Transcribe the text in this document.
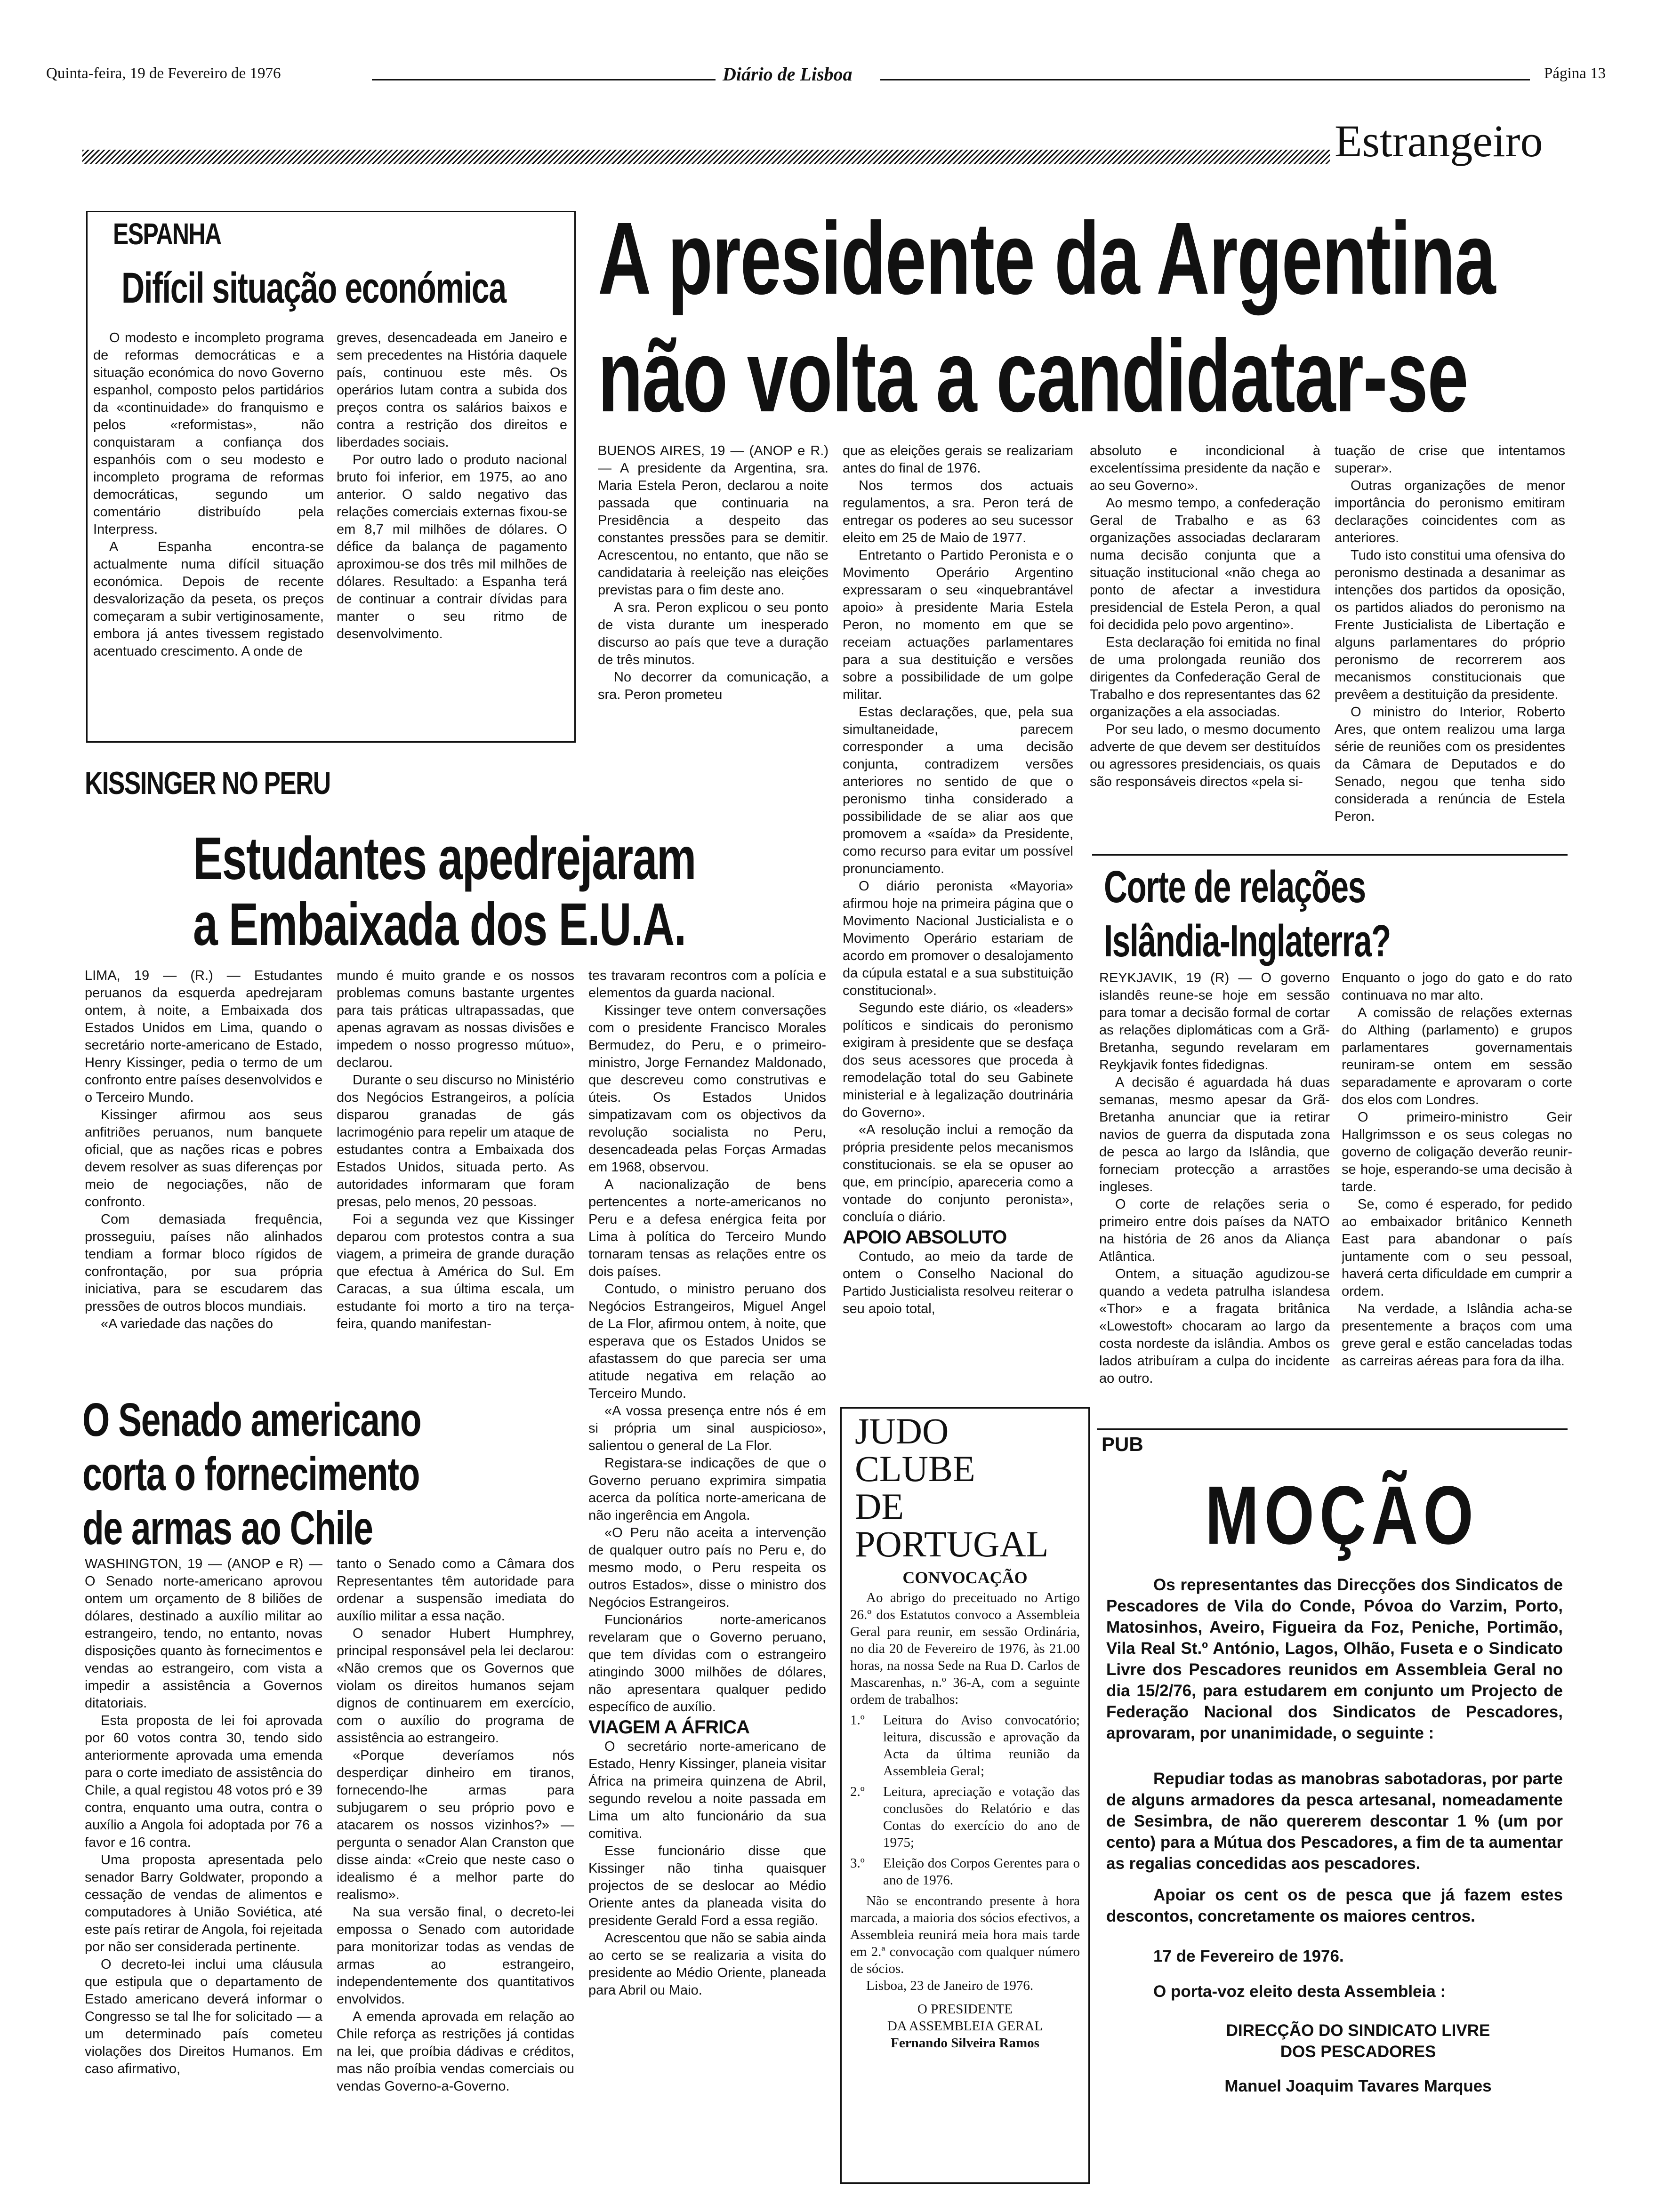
Quinta-feira, 19 de Fevereiro de 1976	Diário de Lisboa	Página 13
Estrangeiro
ESPANHA
Difícil situação económica

O modesto e incompleto programa de reformas democráticas e a situação económica do novo Governo espanhol, composto pelos partidários da «continuidade» do franquismo e pelos «reformistas», não conquistaram a confiança dos espanhóis com o seu modesto e incompleto programa de reformas democráticas, segundo um comentário distribuído pela Interpress.

A Espanha encontra-se actualmente numa difícil situação económica. Depois de recente desvalorização da peseta, os preços começaram a subir vertiginosamente, embora já antes tivessem registado acentuado crescimento. A onde de

greves, desencadeada em Janeiro e sem precedentes na História daquele país, continuou este mês. Os operários lutam contra a subida dos preços contra os salários baixos e contra a restrição dos direitos e liberdades sociais.

Por outro lado o produto nacional bruto foi inferior, em 1975, ao ano anterior. O saldo negativo das relações comerciais externas fixou-se em 8,7 mil milhões de dólares. O défice da balança de pagamento aproximou-se dos três mil milhões de dólares. Resultado: a Espanha terá de continuar a contrair dívidas para manter o seu ritmo de desenvolvimento.

A presidente da Argentina
não volta a candidatar-se

BUENOS AIRES, 19 — (ANOP e R.) — A presidente da Argentina, sra. Maria Estela Peron, declarou a noite passada que continuaria na Presidência a despeito das constantes pressões para se demitir. Acrescentou, no entanto, que não se candidataria à reeleição nas eleições previstas para o fim deste ano.

A sra. Peron explicou o seu ponto de vista durante um inesperado discurso ao país que teve a duração de três minutos.

No decorrer da comunicação, a sra. Peron prometeu

que as eleições gerais se realizariam antes do final de 1976.

Nos termos dos actuais regulamentos, a sra. Peron terá de entregar os poderes ao seu sucessor eleito em 25 de Maio de 1977.

Entretanto o Partido Peronista e o Movimento Operário Argentino expressaram o seu «inquebrantável apoio» à presidente Maria Estela Peron, no momento em que se receiam actuações parlamentares para a sua destituição e versões sobre a possibilidade de um golpe militar.

Estas declarações, que, pela sua simultaneidade, parecem corresponder a uma decisão conjunta, contradizem versões anteriores no sentido de que o peronismo tinha considerado a possibilidade de se aliar aos que promovem a «saída» da Presidente, como recurso para evitar um possível pronunciamento.

O diário peronista «Mayoria» afirmou hoje na primeira página que o Movimento Nacional Justicialista e o Movimento Operário estariam de acordo em promover o desalojamento da cúpula estatal e a sua substituição constitucional».

Segundo este diário, os «leaders» políticos e sindicais do peronismo exigiram à presidente que se desfaça dos seus acessores que proceda à remodelação total do seu Gabinete ministerial e à legalização doutrinária do Governo».

«A resolução inclui a remoção da própria presidente pelos mecanismos constitucionais. se ela se opuser ao que, em princípio, apareceria como a vontade do conjunto peronista», concluía o diário.

APOIO ABSOLUTO

Contudo, ao meio da tarde de ontem o Conselho Nacional do Partido Justicialista resolveu reiterar o seu apoio total,

absoluto e incondicional à excelentíssima presidente da nação e ao seu Governo».

Ao mesmo tempo, a confederação Geral de Trabalho e as 63 organizações associadas declararam numa decisão conjunta que a situação institucional «não chega ao ponto de afectar a investidura presidencial de Estela Peron, a qual foi decidida pelo povo argentino».

Esta declaração foi emitida no final de uma prolongada reunião dos dirigentes da Confederação Geral de Trabalho e dos representantes das 62 organizações a ela associadas.

Por seu lado, o mesmo documento adverte de que devem ser destituídos ou agressores presidenciais, os quais são responsáveis directos «pela si-

tuação de crise que intentamos superar».

Outras organizações de menor importância do peronismo emitiram declarações coincidentes com as anteriores.

Tudo isto constitui uma ofensiva do peronismo destinada a desanimar as intenções dos partidos da oposição, os partidos aliados do peronismo na Frente Justicialista de Libertação e alguns parlamentares do próprio peronismo de recorrerem aos mecanismos constitucionais que prevêem a destituição da presidente.

O ministro do Interior, Roberto Ares, que ontem realizou uma larga série de reuniões com os presidentes da Câmara de Deputados e do Senado, negou que tenha sido considerada a renúncia de Estela Peron.

KISSINGER NO PERU
Estudantes apedrejaram
a Embaixada dos E.U.A.

LIMA, 19 — (R.) — Estudantes peruanos da esquerda apedrejaram ontem, à noite, a Embaixada dos Estados Unidos em Lima, quando o secretário norte-americano de Estado, Henry Kissinger, pedia o termo de um confronto entre países desenvolvidos e o Terceiro Mundo.

Kissinger afirmou aos seus anfitriões peruanos, num banquete oficial, que as nações ricas e pobres devem resolver as suas diferenças por meio de negociações, não de confronto.

Com demasiada frequência, prosseguiu, países não alinhados tendiam a formar bloco rígidos de confrontação, por sua própria iniciativa, para se escudarem das pressões de outros blocos mundiais.

«A variedade das nações do

mundo é muito grande e os nossos problemas comuns bastante urgentes para tais práticas ultrapassadas, que apenas agravam as nossas divisões e impedem o nosso progresso mútuo», declarou.

Durante o seu discurso no Ministério dos Negócios Estrangeiros, a polícia disparou granadas de gás lacrimogénio para repelir um ataque de estudantes contra a Embaixada dos Estados Unidos, situada perto. As autoridades informaram que foram presas, pelo menos, 20 pessoas.

Foi a segunda vez que Kissinger deparou com protestos contra a sua viagem, a primeira de grande duração que efectua à América do Sul. Em Caracas, a sua última escala, um estudante foi morto a tiro na terça-feira, quando manifestan-

tes travaram recontros com a polícia e elementos da guarda nacional.

Kissinger teve ontem conversações com o presidente Francisco Morales Bermudez, do Peru, e o primeiro-ministro, Jorge Fernandez Maldonado, que descreveu como construtivas e úteis. Os Estados Unidos simpatizavam com os objectivos da revolução socialista no Peru, desencadeada pelas Forças Armadas em 1968, observou.

A nacionalização de bens pertencentes a norte-americanos no Peru e a defesa enérgica feita por Lima à política do Terceiro Mundo tornaram tensas as relações entre os dois países.

Contudo, o ministro peruano dos Negócios Estrangeiros, Miguel Angel de La Flor, afirmou ontem, à noite, que esperava que os Estados Unidos se afastassem do que parecia ser uma atitude negativa em relação ao Terceiro Mundo.

«A vossa presença entre nós é em si própria um sinal auspicioso», salientou o general de La Flor.

Registara-se indicações de que o Governo peruano exprimira simpatia acerca da política norte-americana de não ingerência em Angola.

«O Peru não aceita a intervenção de qualquer outro país no Peru e, do mesmo modo, o Peru respeita os outros Estados», disse o ministro dos Negócios Estrangeiros.

Funcionários norte-americanos revelaram que o Governo peruano, que tem dívidas com o estrangeiro atingindo 3000 milhões de dólares, não apresentara qualquer pedido específico de auxílio.

VIAGEM A ÁFRICA

O secretário norte-americano de Estado, Henry Kissinger, planeia visitar África na primeira quinzena de Abril, segundo revelou a noite passada em Lima um alto funcionário da sua comitiva.

Esse funcionário disse que Kissinger não tinha quaisquer projectos de se deslocar ao Médio Oriente antes da planeada visita do presidente Gerald Ford a essa região.

Acrescentou que não se sabia ainda ao certo se se realizaria a visita do presidente ao Médio Oriente, planeada para Abril ou Maio.

O Senado americano
corta o fornecimento
de armas ao Chile

WASHINGTON, 19 — (ANOP e R) — O Senado norte-americano aprovou ontem um orçamento de 8 biliões de dólares, destinado a auxílio militar ao estrangeiro, tendo, no entanto, novas disposições quanto às fornecimentos e vendas ao estrangeiro, com vista a impedir a assistência a Governos ditatoriais.

Esta proposta de lei foi aprovada por 60 votos contra 30, tendo sido anteriormente aprovada uma emenda para o corte imediato de assistência do Chile, a qual registou 48 votos pró e 39 contra, enquanto uma outra, contra o auxílio a Angola foi adoptada por 76 a favor e 16 contra.

Uma proposta apresentada pelo senador Barry Goldwater, propondo a cessação de vendas de alimentos e computadores à União Soviética, até este país retirar de Angola, foi rejeitada por não ser considerada pertinente.

O decreto-lei inclui uma cláusula que estipula que o departamento de Estado americano deverá informar o Congresso se tal lhe for solicitado — a um determinado país cometeu violações dos Direitos Humanos. Em caso afirmativo,

tanto o Senado como a Câmara dos Representantes têm autoridade para ordenar a suspensão imediata do auxílio militar a essa nação.

O senador Hubert Humphrey, principal responsável pela lei declarou: «Não cremos que os Governos que violam os direitos humanos sejam dignos de continuarem em exercício, com o auxílio do programa de assistência ao estrangeiro.

«Porque deveríamos nós desperdiçar dinheiro em tiranos, fornecendo-lhe armas para subjugarem o seu próprio povo e atacarem os nossos vizinhos?» — pergunta o senador Alan Cranston que disse ainda: «Creio que neste caso o idealismo é a melhor parte do realismo».

Na sua versão final, o decreto-lei empossa o Senado com autoridade para monitorizar todas as vendas de armas ao estrangeiro, independentemente dos quantitativos envolvidos.

A emenda aprovada em relação ao Chile reforça as restrições já contidas na lei, que proíbia dádivas e créditos, mas não proíbia vendas comerciais ou vendas Governo-a-Governo.

Corte de relações
Islândia-Inglaterra?

REYKJAVIK, 19 (R) — O governo islandês reune-se hoje em sessão para tomar a decisão formal de cortar as relações diplomáticas com a Grã-Bretanha, segundo revelaram em Reykjavik fontes fidedignas.

A decisão é aguardada há duas semanas, mesmo apesar da Grã-Bretanha anunciar que ia retirar navios de guerra da disputada zona de pesca ao largo da Islândia, que forneciam protecção a arrastões ingleses.

O corte de relações seria o primeiro entre dois países da NATO na história de 26 anos da Aliança Atlântica.

Ontem, a situação agudizou-se quando a vedeta patrulha islandesa «Thor» e a fragata britânica «Lowestoft» chocaram ao largo da costa nordeste da islândia. Ambos os lados atribuíram a culpa do incidente ao outro.

Enquanto o jogo do gato e do rato continuava no mar alto.

A comissão de relações externas do Althing (parlamento) e grupos parlamentares governamentais reuniram-se ontem em sessão separadamente e aprovaram o corte dos elos com Londres.

O primeiro-ministro Geir Hallgrimsson e os seus colegas no governo de coligação deverão reunir-se hoje, esperando-se uma decisão à tarde.

Se, como é esperado, for pedido ao embaixador britânico Kenneth East para abandonar o país juntamente com o seu pessoal, haverá certa dificuldade em cumprir a ordem.

Na verdade, a Islândia acha-se presentemente a braços com uma greve geral e estão canceladas todas as carreiras aéreas para fora da ilha.

JUDO
CLUBE
DE
PORTUGAL
CONVOCAÇÃO

Ao abrigo do preceituado no Artigo 26.º dos Estatutos convoco a Assembleia Geral para reunir, em sessão Ordinária, no dia 20 de Fevereiro de 1976, às 21.00 horas, na nossa Sede na Rua D. Carlos de Mascarenhas, n.º 36-A, com a seguinte ordem de trabalhos:

1.º	Leitura do Aviso convocatório; leitura, discussão e aprovação da Acta da última reunião da Assembleia Geral;
2.º	Leitura, apreciação e votação das conclusões do Relatório e das Contas do exercício do ano de 1975;
3.º	Eleição dos Corpos Gerentes para o ano de 1976.

Não se encontrando presente à hora marcada, a maioria dos sócios efectivos, a Assembleia reunirá meia hora mais tarde em 2.ª convocação com qualquer número de sócios.

Lisboa, 23 de Janeiro de 1976.

O PRESIDENTE
DA ASSEMBLEIA GERAL
Fernando Silveira Ramos
PUB
MOÇÃO

Os representantes das Direcções dos Sindicatos de Pescadores de Vila do Conde, Póvoa do Varzim, Porto, Matosinhos, Aveiro, Figueira da Foz, Peniche, Portimão, Vila Real St.º António, Lagos, Olhão, Fuseta e o Sindicato Livre dos Pescadores reunidos em Assembleia Geral no dia 15/2/76, para estudarem em conjunto um Projecto de Federação Nacional dos Sindicatos de Pescadores, aprovaram, por unanimidade, o seguinte :

Repudiar todas as manobras sabotadoras, por parte de alguns armadores da pesca artesanal, nomeadamente de Sesimbra, de não quererem descontar 1 % (um por cento) para a Mútua dos Pescadores, a fim de ta aumentar as regalias concedidas aos pescadores.

Apoiar os cent os de pesca que já fazem estes descontos, concretamente os maiores centros.

17 de Fevereiro de 1976.

O porta-voz eleito desta Assembleia :

DIRECÇÃO DO SINDICATO LIVRE
DOS PESCADORES
Manuel Joaquim Tavares Marques
